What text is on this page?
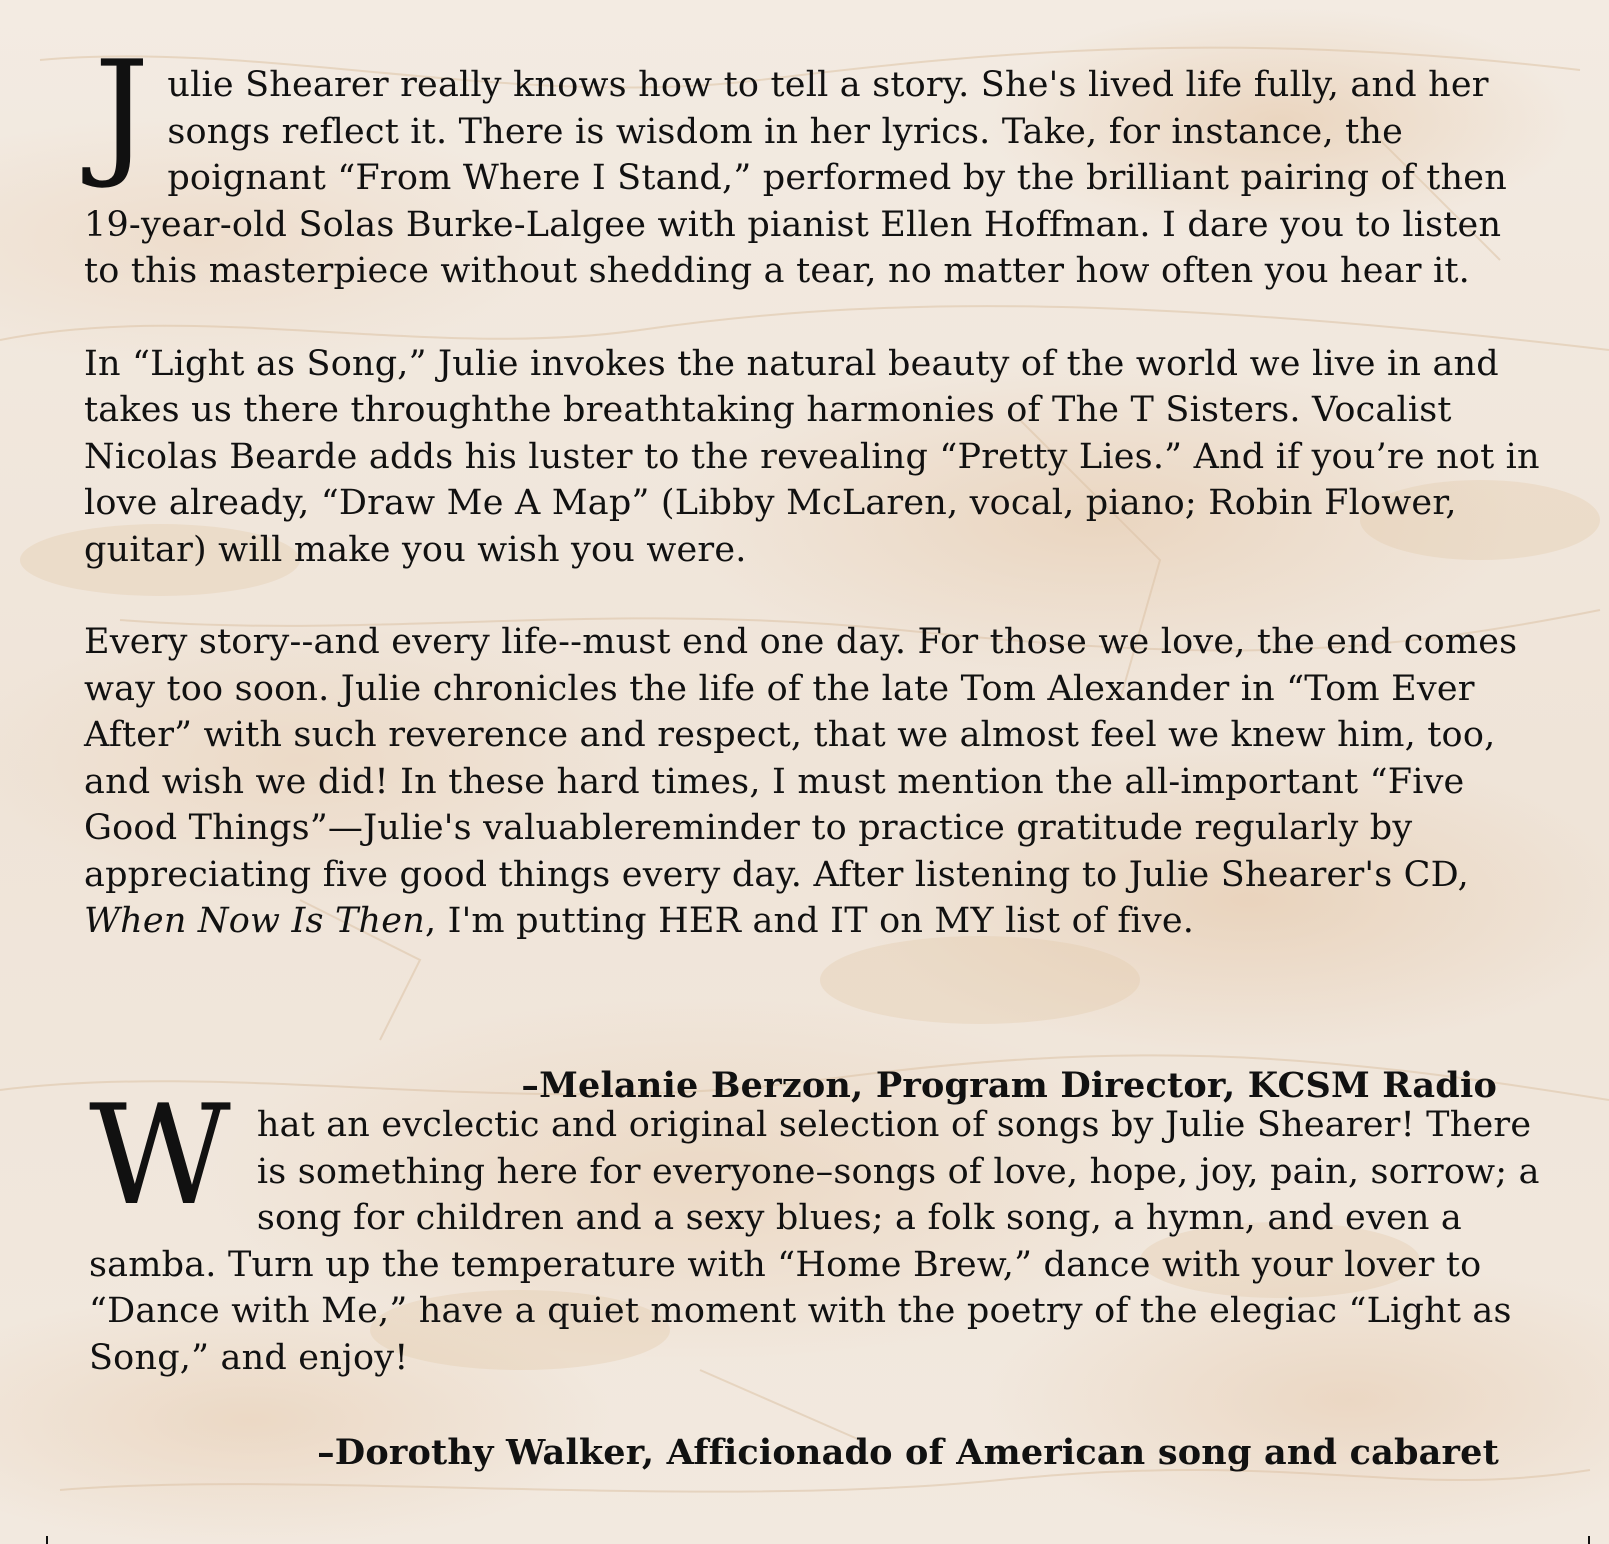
J ulie Shearer really knows how to tell a story. She's lived life fully, and her songs reflect it. There is wisdom in her lyrics. Take, for instance, the poignant “From Where I Stand,” performed by the brilliant pairing of then 19-year-old Solas Burke-Lalgee with pianist Ellen Hoffman. I dare you to listen to this masterpiece without shedding a tear, no matter how often you hear it.

In “Light as Song,” Julie invokes the natural beauty of the world we live in and takes us there throughthe breathtaking harmonies of The T Sisters. Vocalist Nicolas Bearde adds his luster to the revealing “Pretty Lies.” And if you’re not in love already, “Draw Me A Map” (Libby McLaren, vocal, piano; Robin Flower, guitar) will make you wish you were.

Every story--and every life--must end one day. For those we love, the end comes way too soon. Julie chronicles the life of the late Tom Alexander in “Tom Ever After” with such reverence and respect, that we almost feel we knew him, too, and wish we did! In these hard times, I must mention the all-important “Five Good Things”—Julie's valuablereminder to practice gratitude regularly by appreciating five good things every day. After listening to Julie Shearer's CD, When Now Is Then, I'm putting HER and IT on MY list of five.

–Melanie Berzon, Program Director, KCSM Radio
W hat an evclectic and original selection of songs by Julie Shearer! There is something here for everyone–songs of love, hope, joy, pain, sorrow; a song for children and a sexy blues; a folk song, a hymn, and even a samba. Turn up the temperature with “Home Brew,” dance with your lover to “Dance with Me,” have a quiet moment with the poetry of the elegiac “Light as Song,” and enjoy!

–Dorothy Walker, Afficionado of American song and cabaret
